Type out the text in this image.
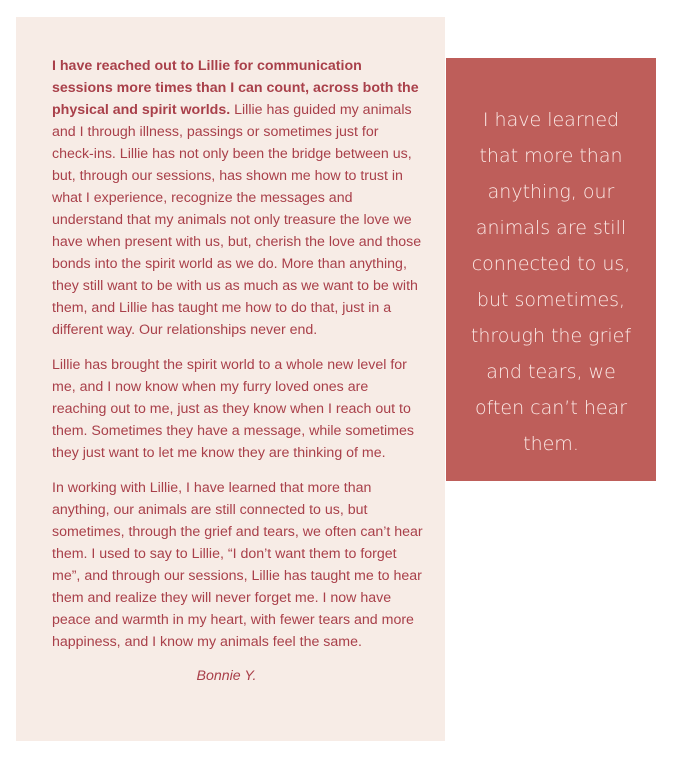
I have reached out to Lillie for communication sessions more times than I can count, across both the physical and spirit worlds. Lillie has guided my animals and I through illness, passings or sometimes just for check-ins. Lillie has not only been the bridge between us, but, through our sessions, has shown me how to trust in what I experience, recognize the messages and understand that my animals not only treasure the love we have when present with us, but, cherish the love and those bonds into the spirit world as we do. More than anything, they still want to be with us as much as we want to be with them, and Lillie has taught me how to do that, just in a different way. Our relationships never end.

Lillie has brought the spirit world to a whole new level for me, and I now know when my furry loved ones are reaching out to me, just as they know when I reach out to them. Sometimes they have a message, while sometimes they just want to let me know they are thinking of me.

In working with Lillie, I have learned that more than anything, our animals are still connected to us, but sometimes, through the grief and tears, we often can’t hear them. I used to say to Lillie, “I don’t want them to forget me”, and through our sessions, Lillie has taught me to hear them and realize they will never forget me. I now have peace and warmth in my heart, with fewer tears and more happiness, and I know my animals feel the same.

Bonnie Y.
I have learned that more than anything, our animals are still connected to us, but sometimes, through the grief and tears, we often can’t hear them.
